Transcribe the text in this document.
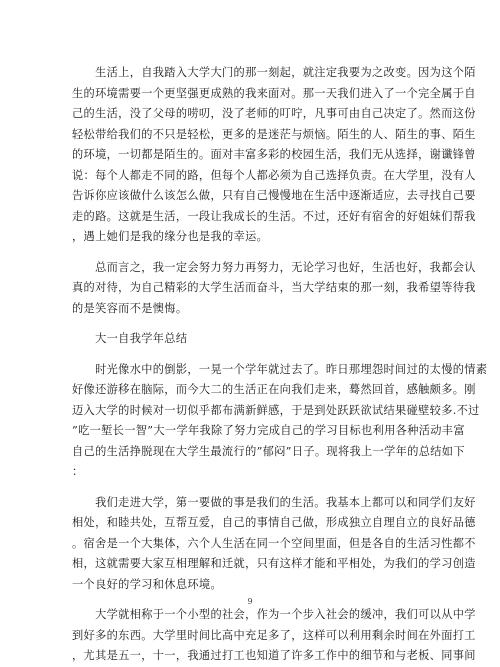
　　生活上，自我踏入大学大门的那一刻起，就注定我要为之改变。因为这个陌
生的环境需要一个更坚强更成熟的我来面对。那一天我们进入了一个完全属于自
己的生活，没了父母的唠叨，没了老师的叮咛，凡事可由自己决定了。然而这份
轻松带给我们的不只是轻松，更多的是迷茫与烦恼。陌生的人、陌生的事、陌生
的环境，一切都是陌生的。面对丰富多彩的校园生活，我们无从选择，谢谶锋曾
说：每个人都走不同的路，但每个人都必须为自己选择负责。在大学里，没有人
告诉你应该做什么该怎么做，只有自己慢慢地在生活中逐渐适应，去寻找自己要
走的路。这就是生活，一段让我成长的生活。不过，还好有宿舍的好姐妹们帮我
，遇上她们是我的缘分也是我的幸运。
　　总而言之，我一定会努力努力再努力，无论学习也好，生活也好，我都会认
真的对待，为自己精彩的大学生活而奋斗，当大学结束的那一刻，我希望等待我
的是笑容而不是懊悔。
　　大一自我学年总结
　　时光像水中的倒影，一晃一个学年就过去了。昨日那埋怨时间过的太慢的情素
好像还游移在脑际，而今大二的生活正在向我们走来，蓦然回首，感触颇多。刚
迈入大学的时候对一切似乎都布满新鲜感，于是到处跃跃欲试结果碰壁较多.不过
”吃一堑长一智”大一学年我除了努力完成自己的学习目标也利用各种活动丰富
自己的生活挣脱现在大学生最流行的”郁闷”日子。现将我上一学年的总结如下
：
　　我们走进大学，第一要做的事是我们的生活。我基本上都可以和同学们友好
相处，和睦共处，互帮互爱，自己的事情自己做，形成独立自理自立的良好品德
。宿舍是一个大集体，六个人生活在同一个空间里面，但是各自的生活习性都不
相，这就需要大家互相理解和迁就，只有这样才能和平相处，为我们的学习创造
一个良好的学习和休息环境。
　　大学就相称于一个小型的社会，作为一个步入社会的缓冲，我们可以从中学
到好多的东西。大学里时间比高中充足多了，这样可以利用剩余时间在外面打工
，尤其是五一，十一，我通过打工也知道了许多工作中的细节和与老板、同事间
9
